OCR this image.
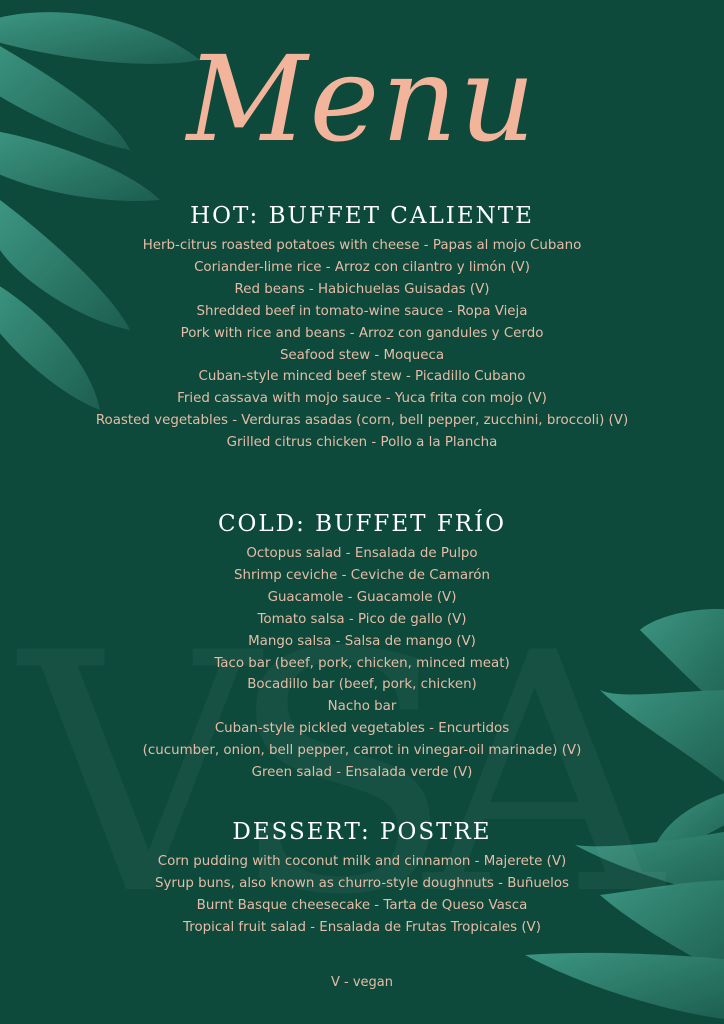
Menu
HOT: BUFFET CALIENTE
Herb-citrus roasted potatoes with cheese - Papas al mojo Cubano
Coriander-lime rice - Arroz con cilantro y limón (V)
Red beans - Habichuelas Guisadas (V)
Shredded beef in tomato-wine sauce - Ropa Vieja
Pork with rice and beans - Arroz con gandules y Cerdo
Seafood stew - Moqueca
Cuban-style minced beef stew - Picadillo Cubano
Fried cassava with mojo sauce - Yuca frita con mojo (V)
Roasted vegetables - Verduras asadas (corn, bell pepper, zucchini, broccoli) (V)
Grilled citrus chicken - Pollo a la Plancha
COLD: BUFFET FRÍO
Octopus salad - Ensalada de Pulpo
Shrimp ceviche - Ceviche de Camarón
Guacamole - Guacamole (V)
Tomato salsa - Pico de gallo (V)
Mango salsa - Salsa de mango (V)
Taco bar (beef, pork, chicken, minced meat)
Bocadillo bar (beef, pork, chicken)
Nacho bar
Cuban-style pickled vegetables - Encurtidos
(cucumber, onion, bell pepper, carrot in vinegar-oil marinade) (V)
Green salad - Ensalada verde (V)
DESSERT: POSTRE
Corn pudding with coconut milk and cinnamon - Majerete (V)
Syrup buns, also known as churro-style doughnuts - Buñuelos
Burnt Basque cheesecake - Tarta de Queso Vasca
Tropical fruit salad - Ensalada de Frutas Tropicales (V)
V - vegan
